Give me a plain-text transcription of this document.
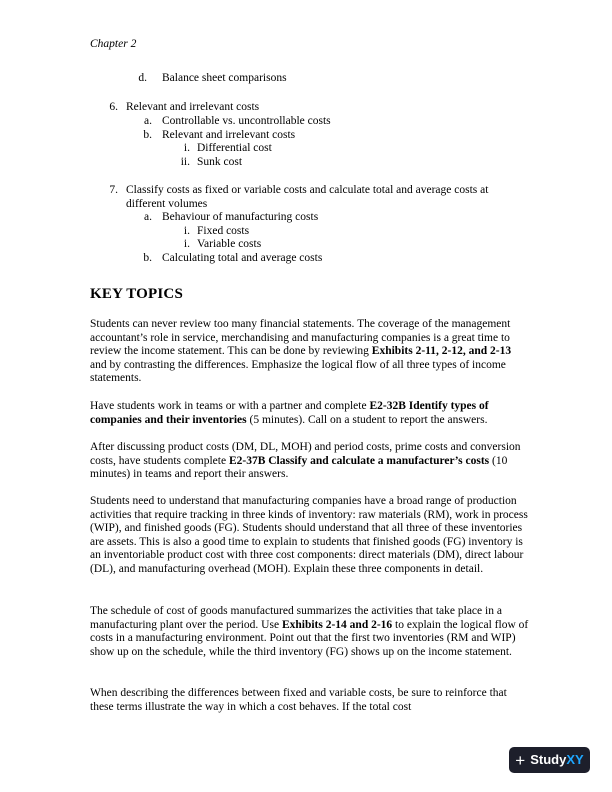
Chapter 2
d. Balance sheet comparisons
6. Relevant and irrelevant costs
a. Controllable vs. uncontrollable costs
b. Relevant and irrelevant costs
i. Differential cost
ii. Sunk cost
7. Classify costs as fixed or variable costs and calculate total and average costs at
different volumes
a. Behaviour of manufacturing costs
i. Fixed costs
i. Variable costs
b. Calculating total and average costs
KEY TOPICS

Students can never review too many financial statements. The coverage of the management accountant’s role in service, merchandising and manufacturing companies is a great time to review the income statement. This can be done by reviewing Exhibits 2-11, 2-12, and 2-13 and by contrasting the differences. Emphasize the logical flow of all three types of income statements.

Have students work in teams or with a partner and complete E2-32B Identify types of companies and their inventories (5 minutes). Call on a student to report the answers.

After discussing product costs (DM, DL, MOH) and period costs, prime costs and conversion costs, have students complete E2-37B Classify and calculate a manufacturer’s costs (10 minutes) in teams and report their answers.

Students need to understand that manufacturing companies have a broad range of production activities that require tracking in three kinds of inventory: raw materials (RM), work in process (WIP), and finished goods (FG). Students should understand that all three of these inventories are assets. This is also a good time to explain to students that finished goods (FG) inventory is an inventoriable product cost with three cost components: direct materials (DM), direct labour (DL), and manufacturing overhead (MOH). Explain these three components in detail.

The schedule of cost of goods manufactured summarizes the activities that take place in a manufacturing plant over the period. Use Exhibits 2-14 and 2-16 to explain the logical flow of costs in a manufacturing environment. Point out that the first two inventories (RM and WIP) show up on the schedule, while the third inventory (FG) shows up on the income statement.

When describing the differences between fixed and variable costs, be sure to reinforce that these terms illustrate the way in which a cost behaves. If the total cost

+ Study XY
